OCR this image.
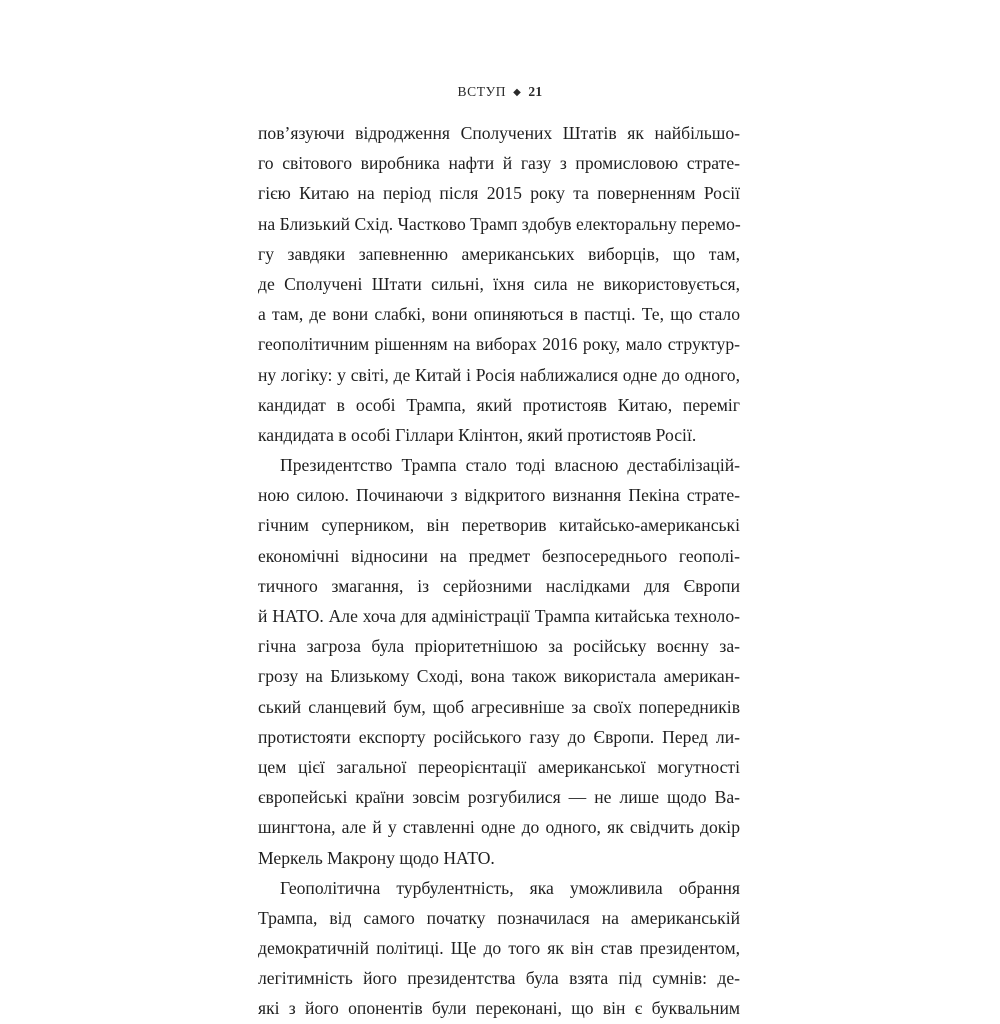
ВСТУП ◆ 21
пов’язуючи відродження Сполучених Штатів як найбільшо-
го світового виробника нафти й газу з промисловою страте-
гією Китаю на період після 2015 року та поверненням Росії
на Близький Схід. Частково Трамп здобув електоральну перемо-
гу завдяки запевненню американських виборців, що там,
де Сполучені Штати сильні, їхня сила не використовується,
а там, де вони слабкі, вони опиняються в пастці. Те, що стало
геополітичним рішенням на виборах 2016 року, мало структур-
ну логіку: у світі, де Китай і Росія наближалися одне до одного,
кандидат в особі Трампа, який протистояв Китаю, переміг
кандидата в особі Гіллари Клінтон, який протистояв Росії.
Президентство Трампа стало тоді власною дестабілізацій-
ною силою. Починаючи з відкритого визнання Пекіна страте-
гічним суперником, він перетворив китайсько-американські
економічні відносини на предмет безпосереднього геополі-
тичного змагання, із серйозними наслідками для Європи
й НАТО. Але хоча для адміністрації Трампа китайська техноло-
гічна загроза була пріоритетнішою за російську воєнну за-
грозу на Близькому Сході, вона також використала американ-
ський сланцевий бум, щоб агресивніше за своїх попередників
протистояти експорту російського газу до Європи. Перед ли-
цем цієї загальної переорієнтації американської могутності
європейські країни зовсім розгубилися — не лише щодо Ва-
шингтона, але й у ставленні одне до одного, як свідчить докір
Меркель Макрону щодо НАТО.
Геополітична турбулентність, яка уможливила обрання
Трампа, від самого початку позначилася на американській
демократичній політиці. Ще до того як він став президентом,
легітимність його президентства була взята під сумнів: де-
які з його опонентів були переконані, що він є буквальним
